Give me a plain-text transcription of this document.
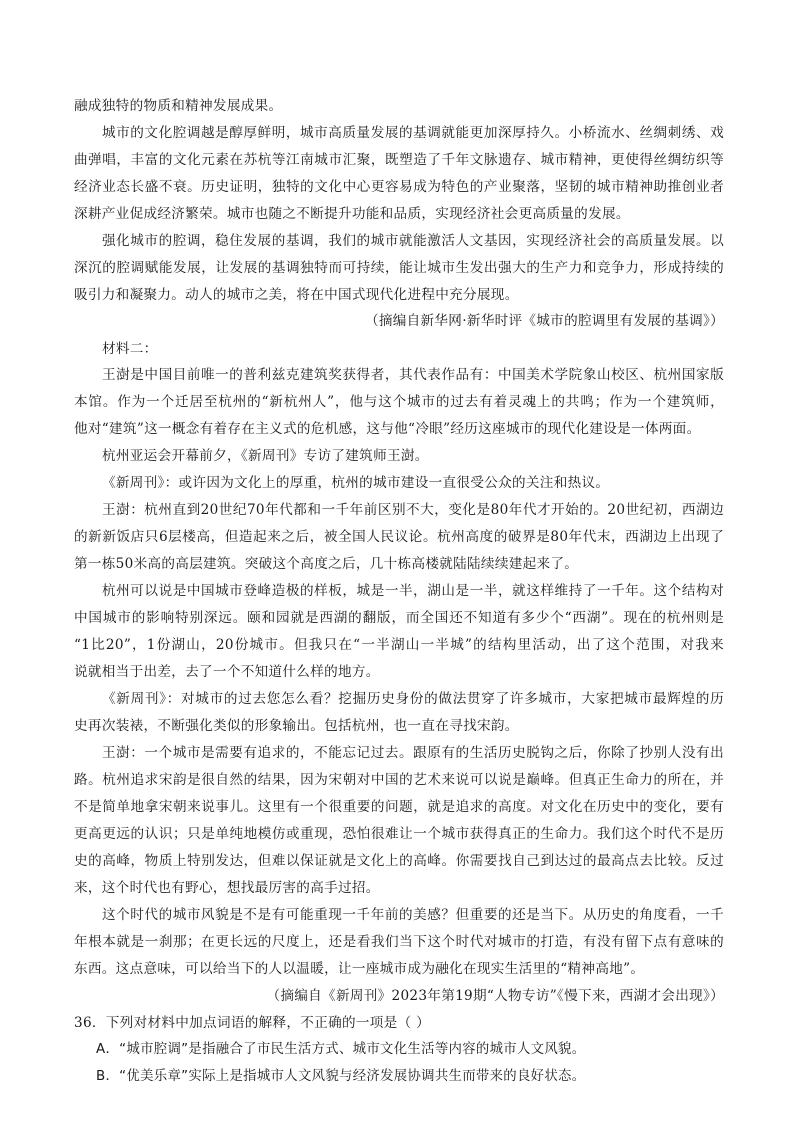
融成独特的物质和精神发展成果。
城市的文化腔调越是醇厚鲜明，城市高质量发展的基调就能更加深厚持久。小桥流水、丝绸刺绣、戏
曲弹唱，丰富的文化元素在苏杭等江南城市汇聚，既塑造了千年文脉遗存、城市精神，更使得丝绸纺织等
经济业态长盛不衰。历史证明，独特的文化中心更容易成为特色的产业聚落，坚韧的城市精神助推创业者
深耕产业促成经济繁荣。城市也随之不断提升功能和品质，实现经济社会更高质量的发展。
强化城市的腔调，稳住发展的基调，我们的城市就能激活人文基因，实现经济社会的高质量发展。以
深沉的腔调赋能发展，让发展的基调独特而可持续，能让城市生发出强大的生产力和竞争力，形成持续的
吸引力和凝聚力。动人的城市之美，将在中国式现代化进程中充分展现。
（摘编自新华网·新华时评《城市的腔调里有发展的基调》）
材料二：
王澍是中国目前唯一的普利兹克建筑奖获得者，其代表作品有：中国美术学院象山校区、杭州国家版
本馆。作为一个迁居至杭州的“新杭州人”，他与这个城市的过去有着灵魂上的共鸣；作为一个建筑师，
他对“建筑”这一概念有着存在主义式的危机感，这与他“冷眼”经历这座城市的现代化建设是一体两面。
杭州亚运会开幕前夕，《新周刊》专访了建筑师王澍。
《新周刊》：或许因为文化上的厚重，杭州的城市建设一直很受公众的关注和热议。
王澍：杭州直到20世纪70年代都和一千年前区别不大，变化是80年代才开始的。20世纪初，西湖边
的新新饭店只6层楼高，但造起来之后，被全国人民议论。杭州高度的破界是80年代末，西湖边上出现了
第一栋50米高的高层建筑。突破这个高度之后，几十栋高楼就陆陆续续建起来了。
杭州可以说是中国城市登峰造极的样板，城是一半，湖山是一半，就这样维持了一千年。这个结构对
中国城市的影响特别深远。颐和园就是西湖的翻版，而全国还不知道有多少个“西湖”。现在的杭州则是
“1比20”，1份湖山，20份城市。但我只在“一半湖山一半城”的结构里活动，出了这个范围，对我来
说就相当于出差，去了一个不知道什么样的地方。
《新周刊》：对城市的过去您怎么看？挖掘历史身份的做法贯穿了许多城市，大家把城市最辉煌的历
史再次装裱，不断强化类似的形象输出。包括杭州，也一直在寻找宋韵。
王澍：一个城市是需要有追求的，不能忘记过去。跟原有的生活历史脱钩之后，你除了抄别人没有出
路。杭州追求宋韵是很自然的结果，因为宋朝对中国的艺术来说可以说是巅峰。但真正生命力的所在，并
不是简单地拿宋朝来说事儿。这里有一个很重要的问题，就是追求的高度。对文化在历史中的变化，要有
更高更远的认识；只是单纯地模仿或重现，恐怕很难让一个城市获得真正的生命力。我们这个时代不是历
史的高峰，物质上特别发达，但难以保证就是文化上的高峰。你需要找自己到达过的最高点去比较。反过
来，这个时代也有野心，想找最厉害的高手过招。
这个时代的城市风貌是不是有可能重现一千年前的美感？但重要的还是当下。从历史的角度看，一千
年根本就是一刹那；在更长远的尺度上，还是看我们当下这个时代对城市的打造，有没有留下点有意味的
东西。这点意味，可以给当下的人以温暖，让一座城市成为融化在现实生活里的“精神高地”。
（摘编自《新周刊》2023年第19期“人物专访”《慢下来，西湖才会出现》）
36．下列对材料中加点词语的解释，不正确的一项是（ ）
A．“城市腔调”是指融合了市民生活方式、城市文化生活等内容的城市人文风貌。
B．“优美乐章”实际上是指城市人文风貌与经济发展协调共生而带来的良好状态。
